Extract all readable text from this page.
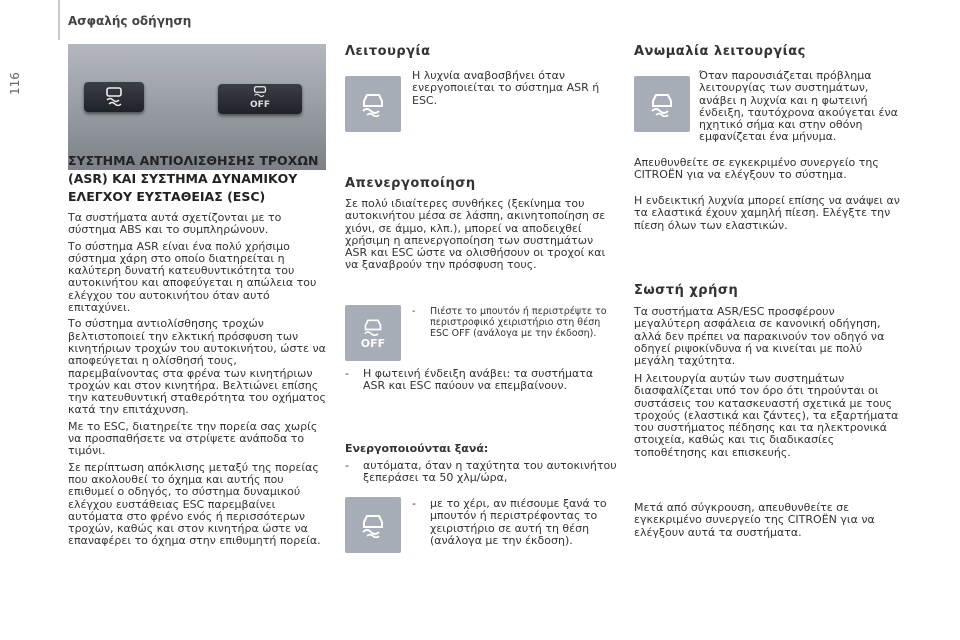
116
Ασφαλής οδήγηση
OFF
ΣΥΣΤΗΜΑ ΑΝΤΙΟΛΙΣΘΗΣΗΣ ΤΡΟΧΩΝ
(ASR) ΚΑΙ ΣΥΣΤΗΜΑ ΔΥΝΑΜΙΚΟΥ
ΕΛΕΓΧΟΥ ΕΥΣΤΑΘΕΙΑΣ (ESC)

Τα συστήματα αυτά σχετίζονται με το σύστημα ABS και το συμπληρώνουν.

Το σύστημα ASR είναι ένα πολύ χρήσιμο σύστημα χάρη στο οποίο διατηρείται η καλύτερη δυνατή κατευθυντικότητα του αυτοκινήτου και αποφεύγεται η απώλεια του ελέγχου του αυτοκινήτου όταν αυτό επιταχύνει.

Το σύστημα αντιολίσθησης τροχών βελτιστοποιεί την ελκτική πρόσφυση των κινητήριων τροχών του αυτοκινήτου, ώστε να αποφεύγεται η ολίσθησή τους, παρεμβαίνοντας στα φρένα των κινητήριων τροχών και στον κινητήρα. Βελτιώνει επίσης την κατευθυντική σταθερότητα του οχήματος κατά την επιτάχυνση.

Με το ESC, διατηρείτε την πορεία σας χωρίς να προσπαθήσετε να στρίψετε ανάποδα το τιμόνι.

Σε περίπτωση απόκλισης μεταξύ της πορείας που ακολουθεί το όχημα και αυτής που επιθυμεί ο οδηγός, το σύστημα δυναμικού ελέγχου ευστάθειας ESC παρεμβαίνει αυτόματα στο φρένο ενός ή περισσότερων τροχών, καθώς και στον κινητήρα ώστε να επαναφέρει το όχημα στην επιθυμητή πορεία.

Λειτουργία
Η λυχνία αναβοσβήνει όταν ενεργοποιείται το σύστημα ASR ή ESC.
Απενεργοποίηση
Σε πολύ ιδιαίτερες συνθήκες (ξεκίνημα του αυτοκινήτου μέσα σε λάσπη, ακινητοποίηση σε χιόνι, σε άμμο, κλπ.), μπορεί να αποδειχθεί χρήσιμη η απενεργοποίηση των συστημάτων ASR και ESC ώστε να ολισθήσουν οι τροχοί και να ξαναβρούν την πρόσφυση τους.
OFF
-	Πιέστε το μπουτόν ή περιστρέψτε το περιστροφικό χειριστήριο στη θέση ESC OFF (ανάλογα με την έκδοση).
-	Η φωτεινή ένδειξη ανάβει: τα συστήματα ASR και ESC παύουν να επεμβαίνουν.
Ενεργοποιούνται ξανά:
-	αυτόματα, όταν η ταχύτητα του αυτοκινήτου ξεπεράσει τα 50 χλμ/ώρα,
-	με το χέρι, αν πιέσουμε ξανά το μπουτόν ή περιστρέφοντας το χειριστήριο σε αυτή τη θέση (ανάλογα με την έκδοση).
Ανωμαλία λειτουργίας
Όταν παρουσιάζεται πρόβλημα λειτουργίας των συστημάτων, ανάβει η λυχνία και η φωτεινή ένδειξη, ταυτόχρονα ακούγεται ένα ηχητικό σήμα και στην οθόνη εμφανίζεται ένα μήνυμα.
Απευθυνθείτε σε εγκεκριμένο συνεργείο της CITROËN για να ελέγξουν το σύστημα.
Η ενδεικτική λυχνία μπορεί επίσης να ανάψει αν τα ελαστικά έχουν χαμηλή πίεση. Ελέγξτε την πίεση όλων των ελαστικών.
Σωστή χρήση
Τα συστήματα ASR/ESC προσφέρουν μεγαλύτερη ασφάλεια σε κανονική οδήγηση, αλλά δεν πρέπει να παρακινούν τον οδηγό να οδηγεί ριψοκίνδυνα ή να κινείται με πολύ μεγάλη ταχύτητα.
Η λειτουργία αυτών των συστημάτων διασφαλίζεται υπό τον όρο ότι τηρούνται οι συστάσεις του κατασκευαστή σχετικά με τους τροχούς (ελαστικά και ζάντες), τα εξαρτήματα του συστήματος πέδησης και τα ηλεκτρονικά στοιχεία, καθώς και τις διαδικασίες τοποθέτησης και επισκευής.
Μετά από σύγκρουση, απευθυνθείτε σε εγκεκριμένο συνεργείο της CITROËN για να ελέγξουν αυτά τα συστήματα.
